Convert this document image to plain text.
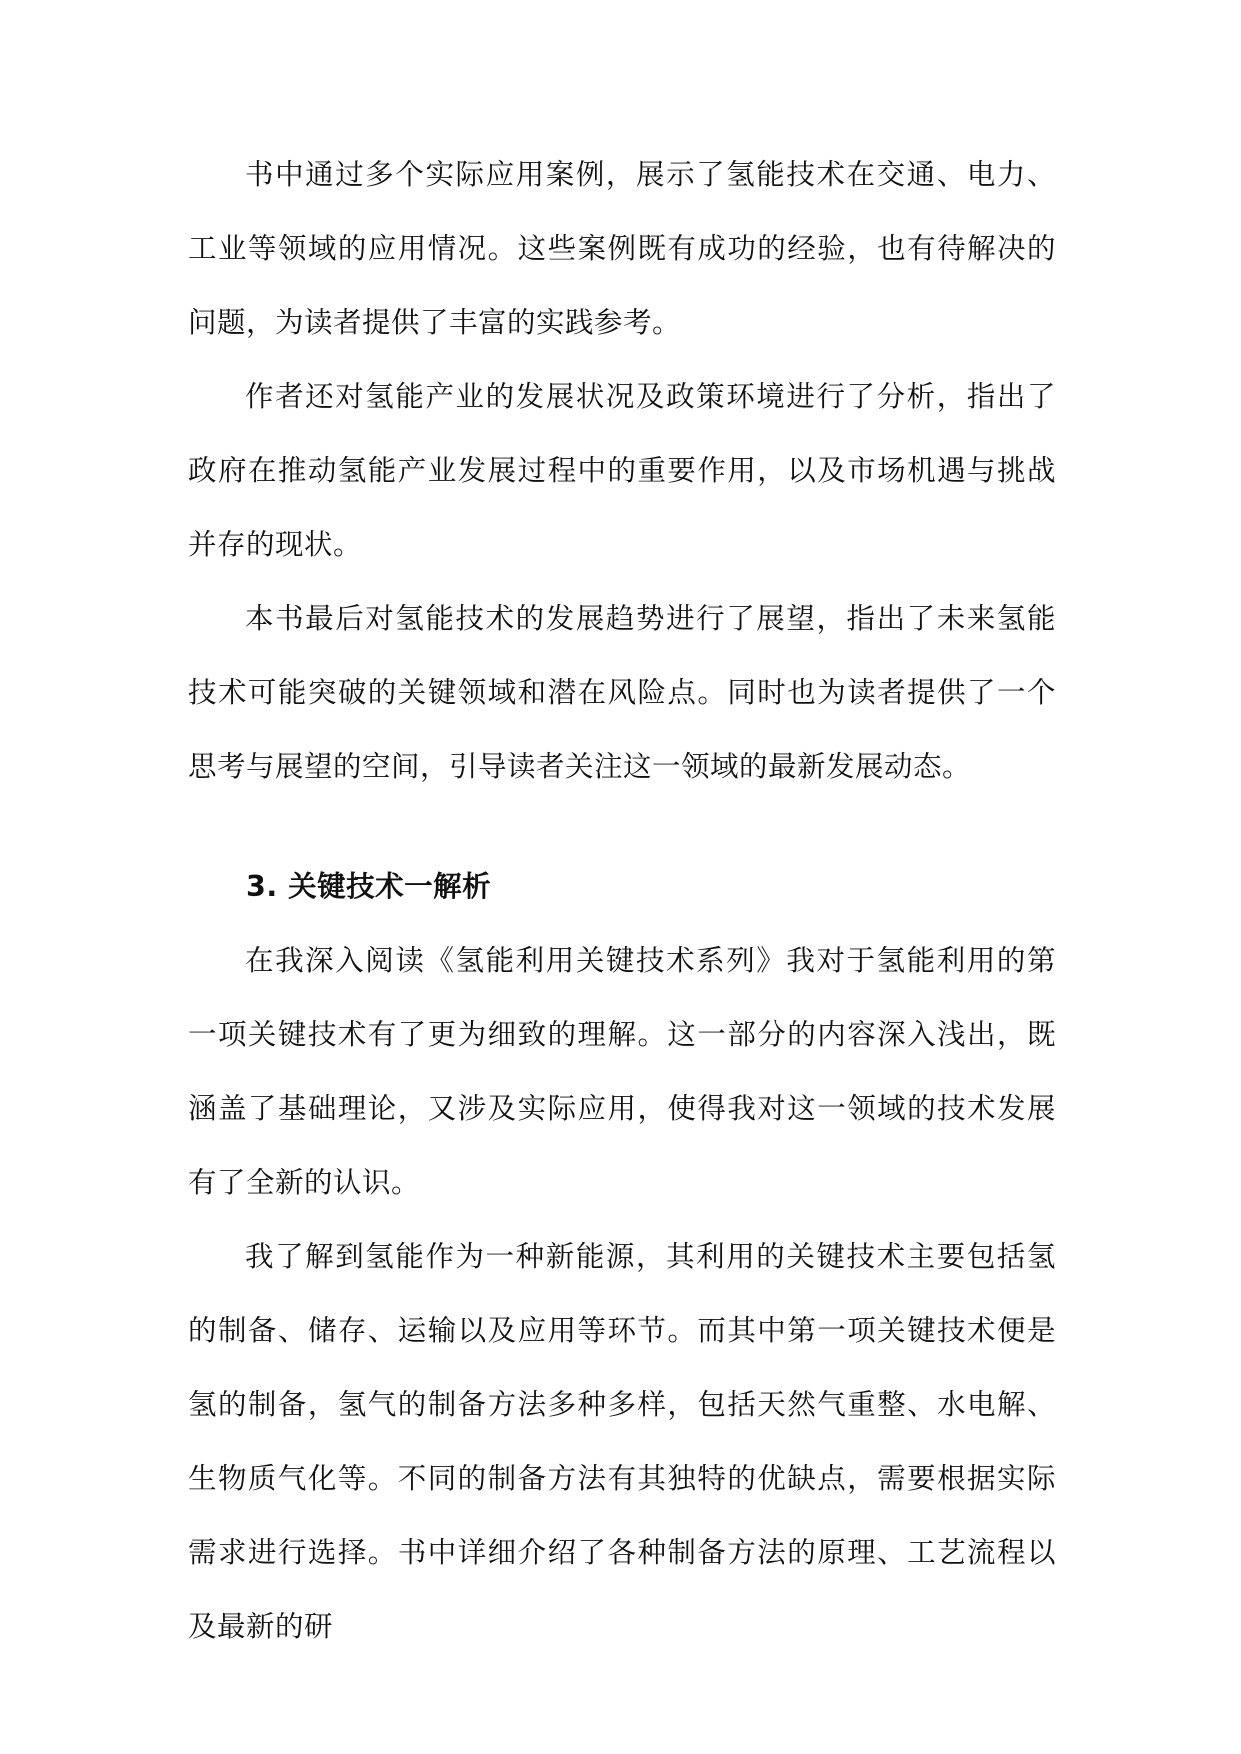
书中通过多个实际应用案例，展示了氢能技术在交通、电力、工业等领域的应用情况。这些案例既有成功的经验，也有待解决的问题，为读者提供了丰富的实践参考。

作者还对氢能产业的发展状况及政策环境进行了分析，指出了政府在推动氢能产业发展过程中的重要作用，以及市场机遇与挑战并存的现状。

本书最后对氢能技术的发展趋势进行了展望，指出了未来氢能技术可能突破的关键领域和潜在风险点。同时也为读者提供了一个思考与展望的空间，引导读者关注这一领域的最新发展动态。

3. 关键技术一解析

在我深入阅读《氢能利用关键技术系列》我对于氢能利用的第一项关键技术有了更为细致的理解。这一部分的内容深入浅出，既涵盖了基础理论，又涉及实际应用，使得我对这一领域的技术发展有了全新的认识。

我了解到氢能作为一种新能源，其利用的关键技术主要包括氢的制备、储存、运输以及应用等环节。而其中第一项关键技术便是氢的制备，氢气的制备方法多种多样，包括天然气重整、水电解、生物质气化等。不同的制备方法有其独特的优缺点，需要根据实际需求进行选择。书中详细介绍了各种制备方法的原理、工艺流程以及最新的研
